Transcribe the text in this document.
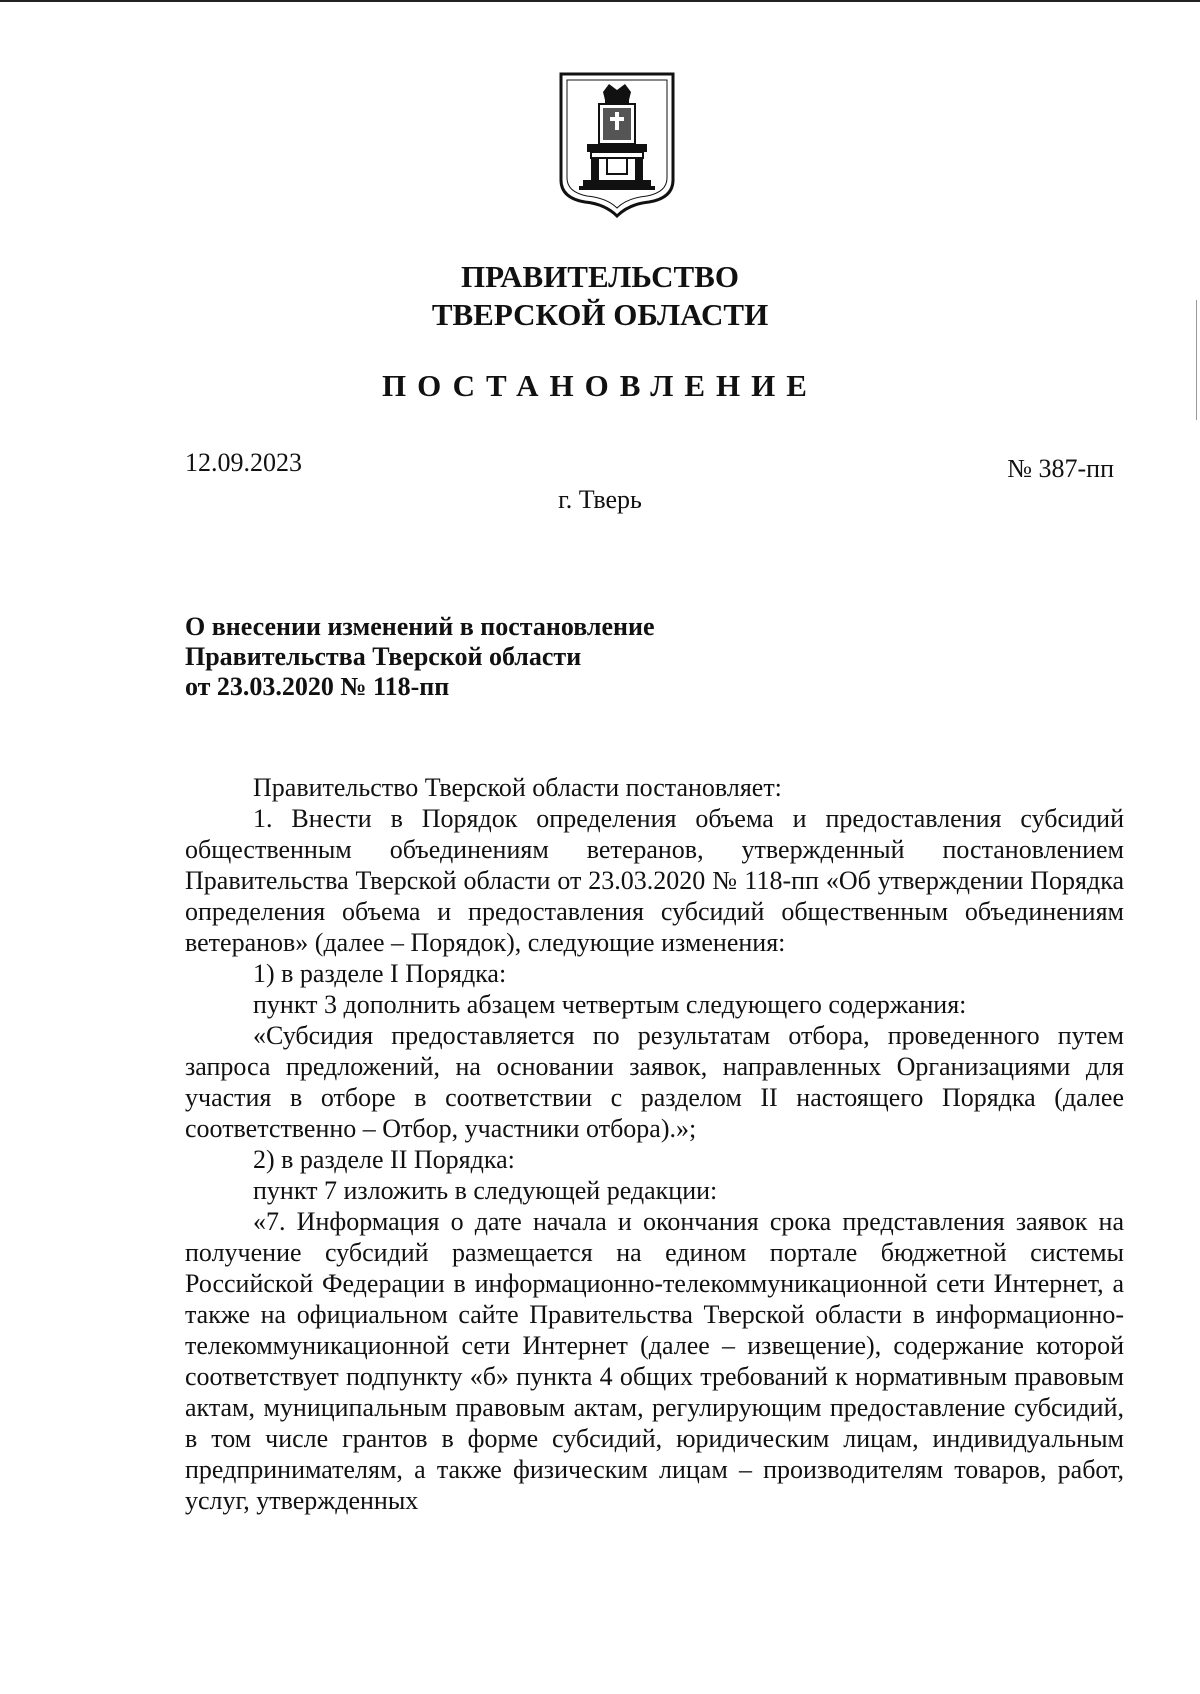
ПРАВИТЕЛЬСТВО
ТВЕРСКОЙ ОБЛАСТИ
ПОСТАНОВЛЕНИЕ
12.09.2023	№ 387-пп
г. Тверь
О внесении изменений в постановление
Правительства Тверской области
от 23.03.2020 № 118-пп

Правительство Тверской области постановляет:

1. Внести в Порядок определения объема и предоставления субсидий общественным объединениям ветеранов, утвержденный постановлением Правительства Тверской области от 23.03.2020 № 118-пп «Об утверждении Порядка определения объема и предоставления субсидий общественным объединениям ветеранов» (далее – Порядок), следующие изменения:

1) в разделе I Порядка:

пункт 3 дополнить абзацем четвертым следующего содержания:

«Субсидия предоставляется по результатам отбора, проведенного путем запроса предложений, на основании заявок, направленных Организациями для участия в отборе в соответствии с разделом II настоящего Порядка (далее соответственно – Отбор, участники отбора).»;

2) в разделе II Порядка:

пункт 7 изложить в следующей редакции:

«7. Информация о дате начала и окончания срока представления заявок на получение субсидий размещается на едином портале бюджетной системы Российской Федерации в информационно-телекоммуникационной сети Интернет, а также на официальном сайте Правительства Тверской области в информационно-телекоммуникационной сети Интернет (далее – извещение), содержание которой соответствует подпункту «б» пункта 4 общих требований к нормативным правовым актам, муниципальным правовым актам, регулирующим предоставление субсидий, в том числе грантов в форме субсидий, юридическим лицам, индивидуальным предпринимателям, а также физическим лицам – производителям товаров, работ, услуг, утвержденных
